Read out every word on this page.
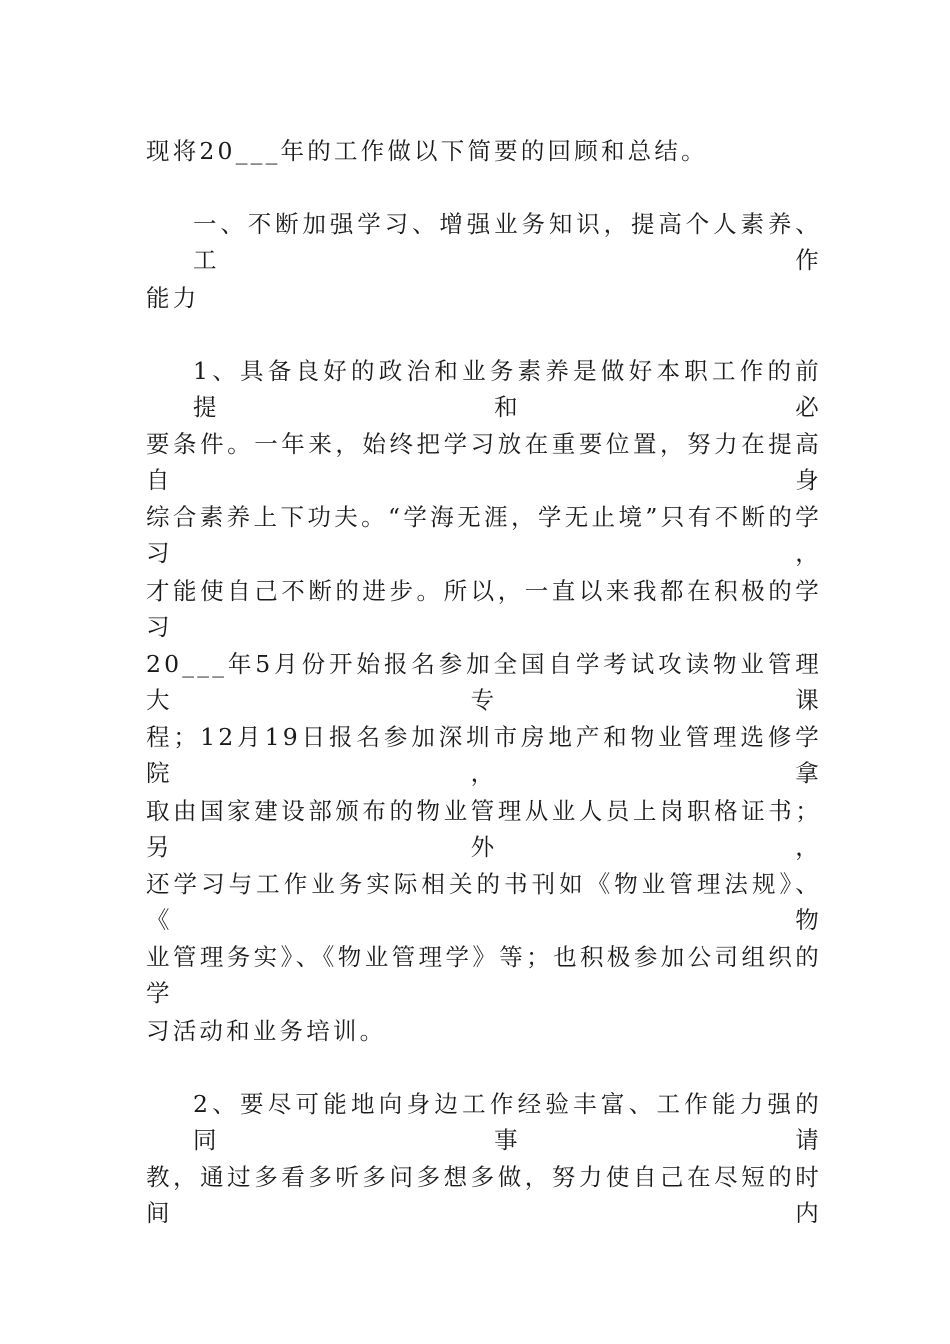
现将20___年的工作做以下简要的回顾和总结。
一、不断加强学习、增强业务知识，提高个人素养、工作
能力
1、具备良好的政治和业务素养是做好本职工作的前提和必
要条件。一年来，始终把学习放在重要位置，努力在提高自身
综合素养上下功夫。“学海无涯，学无止境”只有不断的学习，
才能使自己不断的进步。所以，一直以来我都在积极的学习
20___年5月份开始报名参加全国自学考试攻读物业管理大专课
程；12月19日报名参加深圳市房地产和物业管理选修学院，拿
取由国家建设部颁布的物业管理从业人员上岗职格证书；另外，
还学习与工作业务实际相关的书刊如《物业管理法规》、《物
业管理务实》、《物业管理学》等；也积极参加公司组织的学
习活动和业务培训。
2、要尽可能地向身边工作经验丰富、工作能力强的同事请
教，通过多看多听多问多想多做，努力使自己在尽短的时间内
